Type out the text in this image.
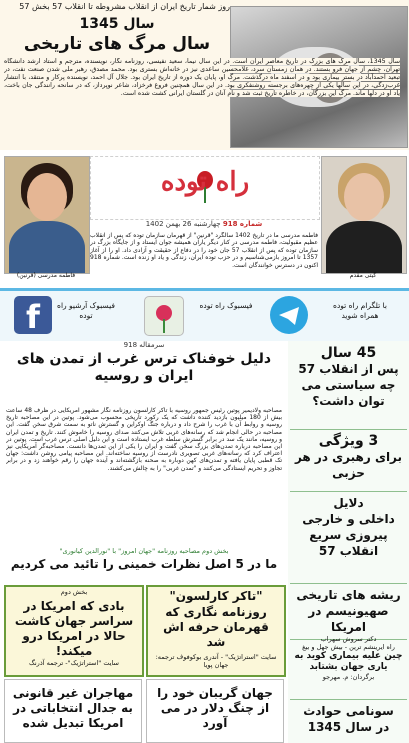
روز شمار تاریخ ایران از انقلاب مشروطه تا انقلاب 57 بخش 57
سال 1345
سال مرگ های تاریخی
سال 1345، سال مرگ های بزرگ در تاریخ معاصر ایران است. در این سال نیما، سعید نفیسی، روزنامه نگار، نویسنده، مترجم و استاد ارشد دانشگاه تهران، چشم از جهان فرو بستند. در همان زمستان سرد، غلامحسین ساعدی نیز در خانه‌اش بستری بود. محمد مصدق، رهبر ملی شدن صنعت نفت، در تبعید احمدآباد در بستر بیماری بود و در اسفند ماه درگذشت. مرگ او، پایان یک دوره از تاریخ ایران بود. جلال آل احمد، نویسنده پرکار و منتقد، با انتشار غرب‌زدگی، در این سالها یکی از چهره‌های برجسته روشنفکری بود. در این سال همچنین فروغ فرخزاد، شاعر نوپرداز، که در سانحه رانندگی جان باخت، یاد او در دلها ماند. مرگ این بزرگان، در خاطره تاریخ ثبت شد و نام آنان در گلستان ایرانی کشت شده است.
فاطمه مدرسی (قرنین)
راه توده
شماره 918 چهارشنبه 26 بهمن 1402
فاطمه مدرسی ما در تاریخ 1402 سالگرد "قرنین" از قهرمان سازمان توده که پس از انقلاب عظیم مقبولیت، فاطمه مدرسی در کنار دیگر یاران همیشه جوان ایستاد و از جایگاه بزرگ در سازمان توده که پس از انقلاب 57 جان خود را در دفاع از حقیقت و آزادی داد. او را از آغاز 1357 تا امروز بازمی‌شناسیم و در حزب توده ایران، زندگی و یاد او زنده است. شماره 918 اکنون در دسترس خوانندگان است.
گیتی مقدم
f فیسبوک آرشیو راه توده
فیسبوک راه توده	با تلگرام راه توده همراه شوید
سرمقاله 918
دلیل خوفناک ترس غرب از تمدن های ایران و روسیه
مصاحبه ولادیمیر پوتین رئیس جمهور روسیه با تاکر کارلسون روزنامه نگار مشهور آمریکایی در ظرف 48 ساعت بیش از 180 میلیون بازدید کننده داشت که یک رکورد تاریخی محسوب می‌شود. پوتین در این مصاحبه تاریخ روسیه و روابط آن با غرب را شرح داد و درباره جنگ اوکراین و گسترش ناتو به سمت شرق سخن گفت. این مصاحبه در حالی انجام شد که رسانه‌های غربی تلاش می‌کنند صدای روسیه را خاموش کنند. تاریخ و تمدن ایران و روسیه، مانند یک سد در برابر گسترش سلطه غرب ایستاده است و این دلیل اصلی ترس غرب است. پوتین در این مصاحبه درباره تمدن‌های بزرگ سخن گفت و ایران را یکی از این تمدن‌ها دانست. مصاحبه‌گر آمریکایی نیز اعتراف کرد که رسانه‌های غربی تصویری نادرست از روسیه ساخته‌اند. این مصاحبه پیامی روشن داشت: جهان تک قطبی پایان یافته و تمدن‌های کهن دوباره به صحنه بازگشته‌اند و آینده جهان را رقم خواهند زد و در برابر تجاوز و تحریم ایستادگی می‌کنند و "تمدن غربی" را به چالش می‌کشند.
بخش دوم مصاحبه روزنامه "جهان امروز" با "نورالدین کیانوری"
ما در 5 اصل نظرات خمینی را تائید می کردیم
بخش دوم
بادی که امریکا در سراسر جهان کاشت حالا در امریکا درو میکند!
سایت "استراتژیک"- ترجمه آذرنگ
"تاکر کارلسون"
روزنامه نگاری که قهرمان حرفه اش شد
سایت "استراتژیک" - آندری بوکوفوف ترجمه: جهان پویا
مهاجران غیر قانونی به جدال انتخاباتی در امریکا تبدیل شده
جهان گریبان خود را از چنگ دلار در می آورد
45 سال
پس از انقلاب 57 چه سیاستی می توان داشت؟
3 ویژگی
برای رهبری در هر حزبی
دلایل
داخلی و خارجی پیروزی سریع انقلاب 57
ریشه های تاریخی
صهیونیسم در امریکا
دکتر سروش سهراب
راه ایرینشم ترین - بیش جهل و بیغ
چین علیه بیماری کوید به یاری جهان بشتابد
برگردان: م. مهرجو
سونامی حوادث
در سال 1345
